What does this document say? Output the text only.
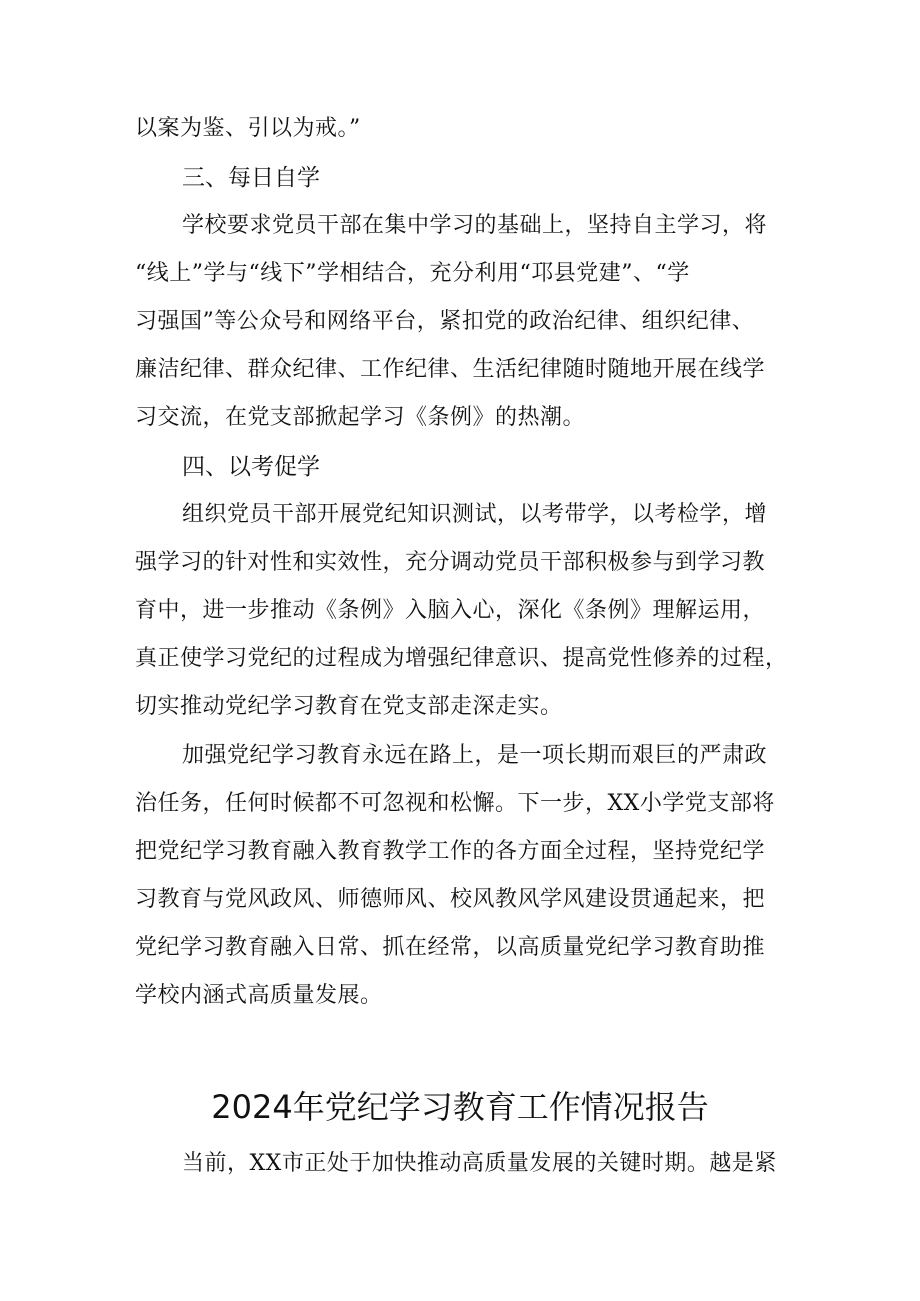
以案为鉴、引以为戒。”
三、每日自学
学校要求党员干部在集中学习的基础上，坚持自主学习，将
“线上”学与“线下”学相结合，充分利用“邛县党建”、“学
习强国”等公众号和网络平台，紧扣党的政治纪律、组织纪律、
廉洁纪律、群众纪律、工作纪律、生活纪律随时随地开展在线学
习交流，在党支部掀起学习《条例》的热潮。
四、以考促学
组织党员干部开展党纪知识测试，以考带学，以考检学，增
强学习的针对性和实效性，充分调动党员干部积极参与到学习教
育中，进一步推动《条例》入脑入心，深化《条例》理解运用，
真正使学习党纪的过程成为增强纪律意识、提高党性修养的过程，
切实推动党纪学习教育在党支部走深走实。
加强党纪学习教育永远在路上，是一项长期而艰巨的严肃政
治任务，任何时候都不可忽视和松懈。下一步，XX小学党支部将
把党纪学习教育融入教育教学工作的各方面全过程，坚持党纪学
习教育与党风政风、师德师风、校风教风学风建设贯通起来，把
党纪学习教育融入日常、抓在经常，以高质量党纪学习教育助推
学校内涵式高质量发展。
2024年党纪学习教育工作情况报告
当前，XX市正处于加快推动高质量发展的关键时期。越是紧
